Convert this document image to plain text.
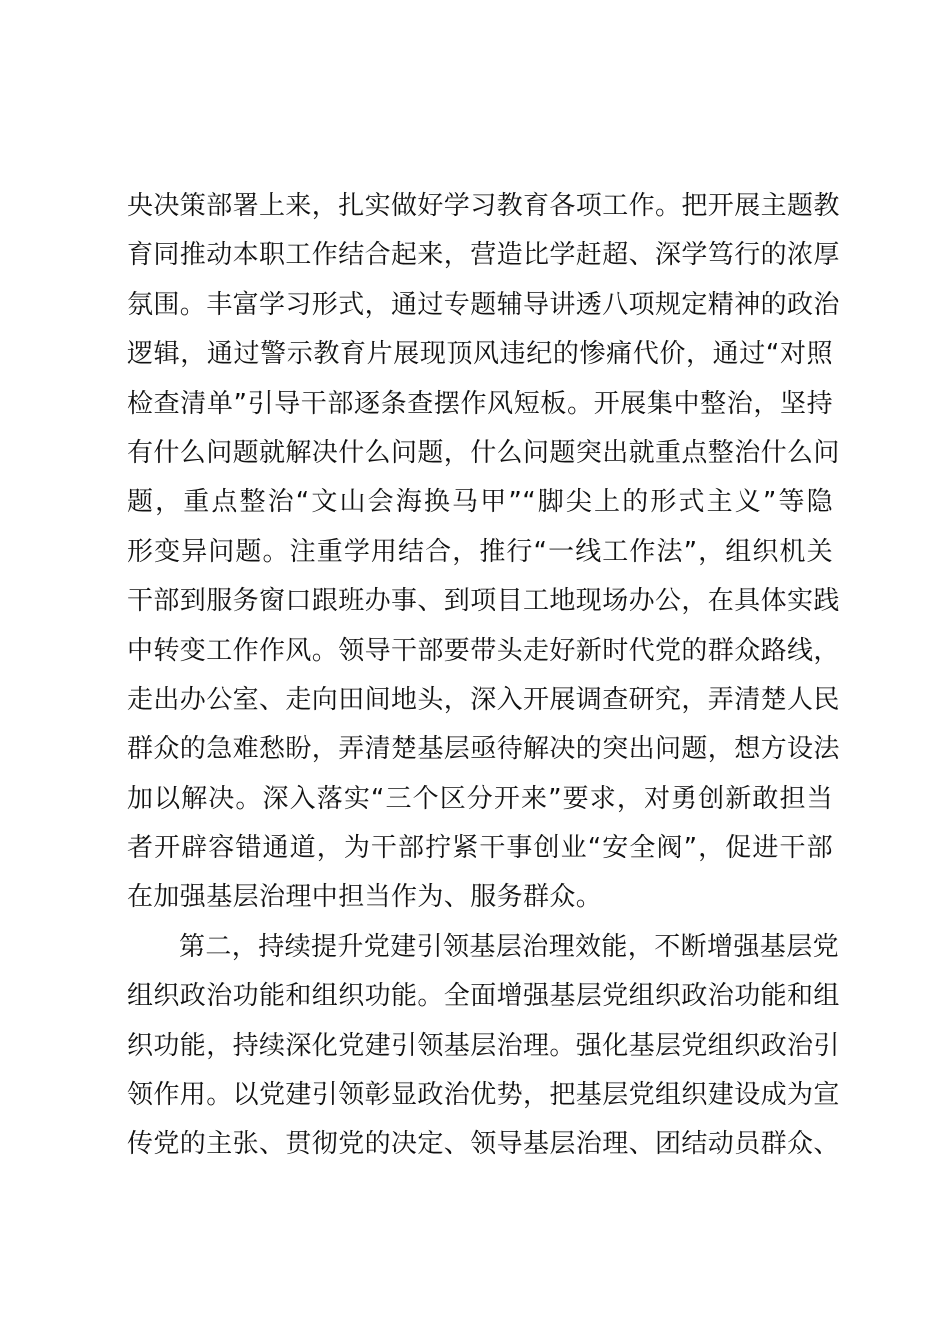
央决策部署上来，扎实做好学习教育各项工作。把开展主题教
育同推动本职工作结合起来，营造比学赶超、深学笃行的浓厚
氛围。丰富学习形式，通过专题辅导讲透八项规定精神的政治
逻辑，通过警示教育片展现顶风违纪的惨痛代价，通过“对照
检查清单”引导干部逐条查摆作风短板。开展集中整治，坚持
有什么问题就解决什么问题，什么问题突出就重点整治什么问
题，重点整治“文山会海换马甲”“脚尖上的形式主义”等隐
形变异问题。注重学用结合，推行“一线工作法”，组织机关
干部到服务窗口跟班办事、到项目工地现场办公，在具体实践
中转变工作作风。领导干部要带头走好新时代党的群众路线，
走出办公室、走向田间地头，深入开展调查研究，弄清楚人民
群众的急难愁盼，弄清楚基层亟待解决的突出问题，想方设法
加以解决。深入落实“三个区分开来”要求，对勇创新敢担当
者开辟容错通道，为干部拧紧干事创业“安全阀”，促进干部
在加强基层治理中担当作为、服务群众。
第二，持续提升党建引领基层治理效能，不断增强基层党
组织政治功能和组织功能。全面增强基层党组织政治功能和组
织功能，持续深化党建引领基层治理。强化基层党组织政治引
领作用。以党建引领彰显政治优势，把基层党组织建设成为宣
传党的主张、贯彻党的决定、领导基层治理、团结动员群众、
